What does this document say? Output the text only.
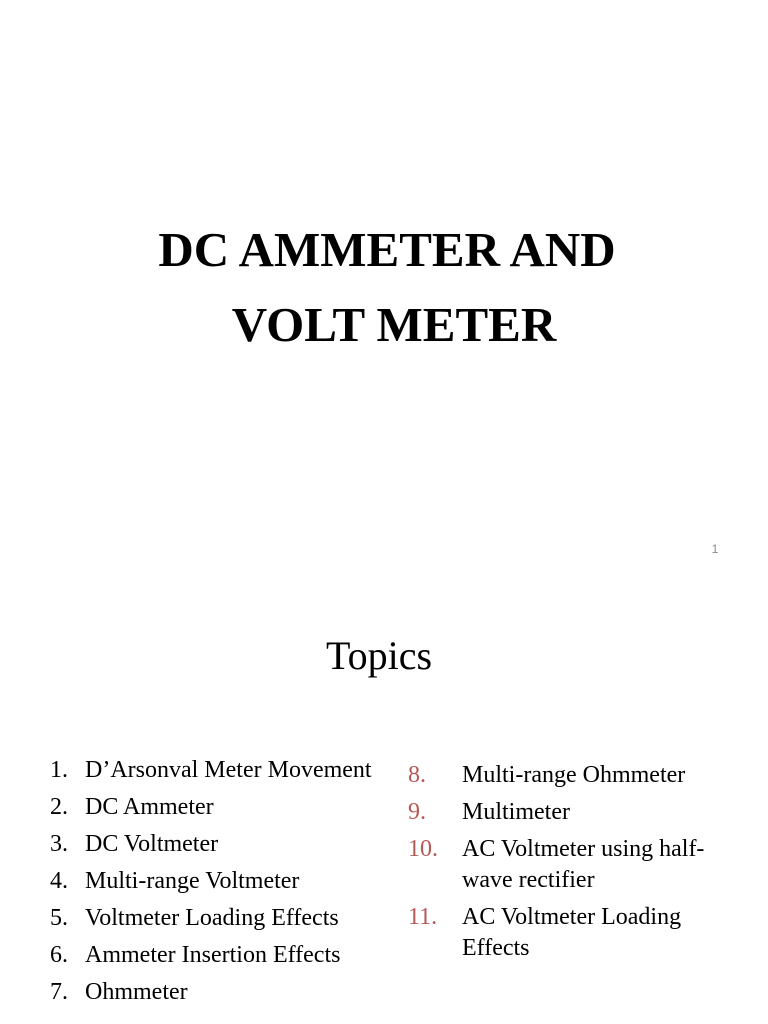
DC AMMETER AND
VOLT METER
1
Topics
1. D’Arsonval Meter Movement
2. DC Ammeter
3. DC Voltmeter
4. Multi-range Voltmeter
5. Voltmeter Loading Effects
6. Ammeter Insertion Effects
7. Ohmmeter
8.	Multi-range Ohmmeter
9.	Multimeter
10.	AC Voltmeter using half-wave rectifier
11.	AC Voltmeter Loading Effects
